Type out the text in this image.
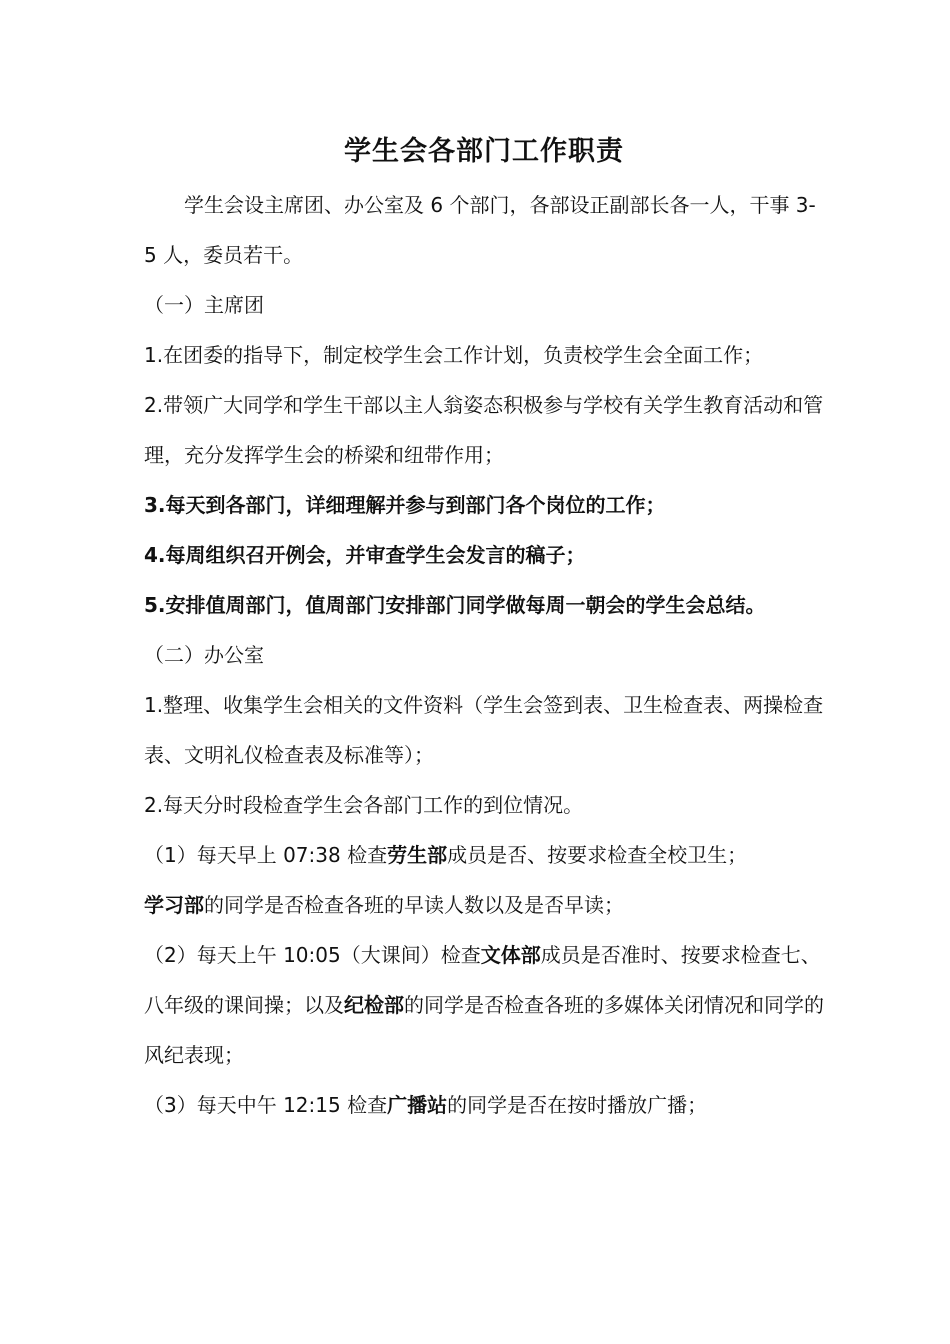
学生会各部门工作职责

学生会设主席团、办公室及 6 个部门，各部设正副部长各一人，干事 3-5 人，委员若干。

（一）主席团

1.在团委的指导下，制定校学生会工作计划，负责校学生会全面工作；

2.带领广大同学和学生干部以主人翁姿态积极参与学校有关学生教育活动和管理，充分发挥学生会的桥梁和纽带作用；

3.每天到各部门，详细理解并参与到部门各个岗位的工作；

4.每周组织召开例会，并审查学生会发言的稿子；

5.安排值周部门，值周部门安排部门同学做每周一朝会的学生会总结。

（二）办公室

1.整理、收集学生会相关的文件资料（学生会签到表、卫生检查表、两操检查表、文明礼仪检查表及标准等）；

2.每天分时段检查学生会各部门工作的到位情况。

（1）每天早上 07:38 检查劳生部成员是否、按要求检查全校卫生；
学习部的同学是否检查各班的早读人数以及是否早读；

（2）每天上午 10:05（大课间）检查文体部成员是否准时、按要求检查七、八年级的课间操；以及纪检部的同学是否检查各班的多媒体关闭情况和同学的风纪表现；

（3）每天中午 12:15 检查广播站的同学是否在按时播放广播；
